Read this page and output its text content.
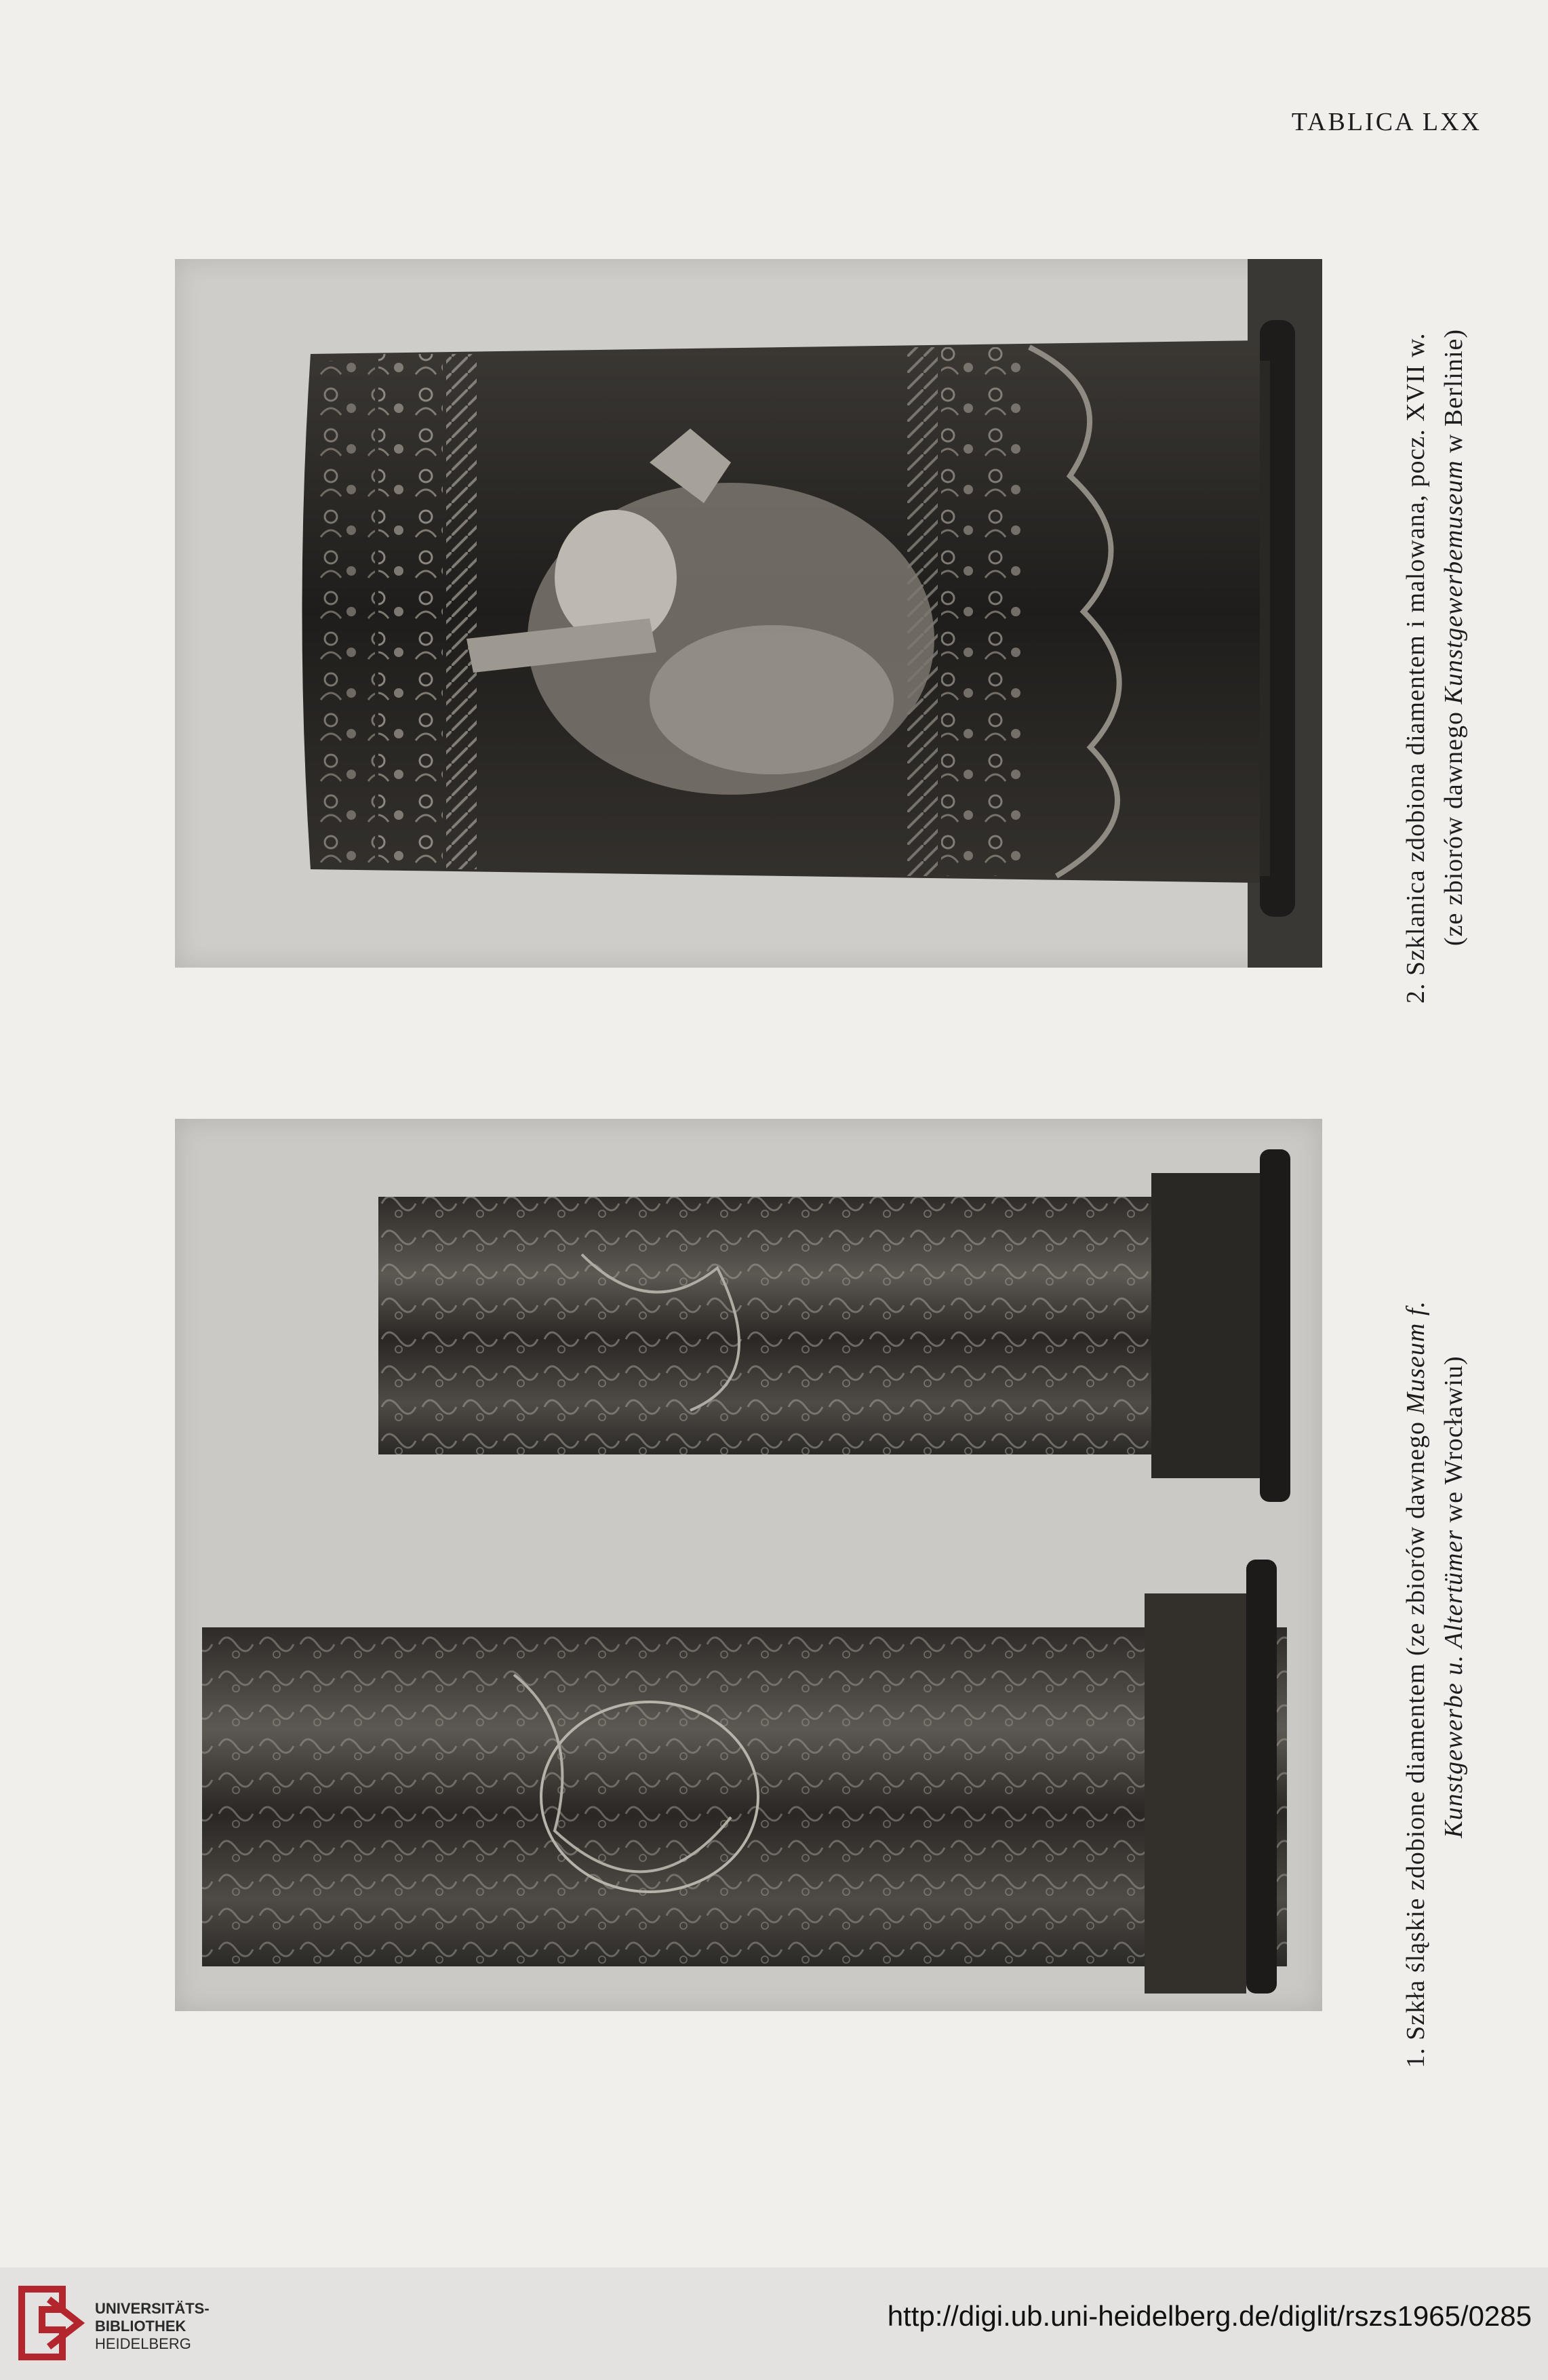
TABLICA LXX
2. Szklanica zdobiona diamentem i malowana, pocz. XVII w. (ze zbiorów dawnego Kunstgewerbemuseum w Berlinie)
1. Szkła śląskie zdobione diamentem (ze zbiorów dawnego Museum f.
Kunstgewerbe u. Altertümer we Wrocławiu)
UNIVERSITÄTS-
BIBLIOTHEK
HEIDELBERG
http://digi.ub.uni-heidelberg.de/diglit/rszs1965/0285
